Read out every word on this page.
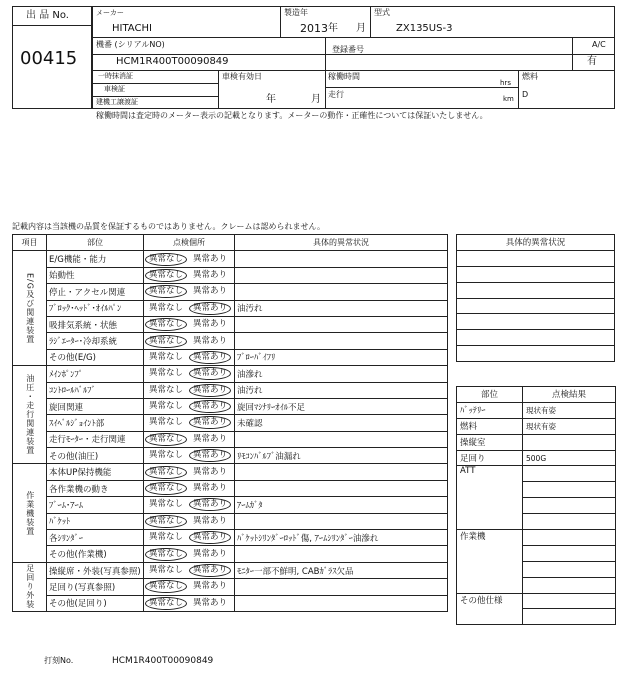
出 品 No.
00415
メーカー
HITACHI
製造年
2013 年 月
型式
ZX135US-3
機番 (シリアルNO)
HCM1R400T00090849
登録番号
A/C
有
一時抹消証
車検証
建機工譲渡証
車検有効日
年	月
稼働時間
走行
hrs
km
燃料
D
稼働時間は査定時のメーター表示の記載となります。メーターの動作・正確性については保証いたしません。
記載内容は当該機の品質を保証するものではありません。クレームは認められません。
項目	部位	点検個所	具体的異常状況
E/G及び関連装置	E/G機能・能力	異常なし 異常あり	
	始動性	異常なし 異常あり	
	停止・アクセル関連	異常なし 異常あり	
	ﾌﾞﾛｯｸ･ﾍｯﾄﾞ･ｵｲﾙﾊﾟﾝ	異常なし 異常あり	油汚れ
	吸排気系統・状態	異常なし 異常あり	
	ﾗｼﾞｴｰﾀｰ･冷却系統	異常なし 異常あり	
	その他(E/G)	異常なし 異常あり	ﾌﾞﾛｰﾊﾞｲﾌﾘ
油圧・走行関連装置	ﾒｲﾝﾎﾟﾝﾌﾟ	異常なし 異常あり	油滲れ
	ｺﾝﾄﾛｰﾙﾊﾞﾙﾌﾞ	異常なし 異常あり	油汚れ
	旋回関連	異常なし 異常あり	旋回ﾏｼﾅﾘｰｵｲﾙ不足
	ｽｲﾍﾞﾙｼﾞｮｲﾝﾄ部	異常なし 異常あり	未確認
	走行ﾓｰﾀｰ・走行関連	異常なし 異常あり	
	その他(油圧)	異常なし 異常あり	ﾘﾓｺﾝﾊﾞﾙﾌﾞ油漏れ
作業機装置	本体UP保持機能	異常なし 異常あり	
	各作業機の動き	異常なし 異常あり	
	ﾌﾞｰﾑ･ｱｰﾑ	異常なし 異常あり	ｱｰﾑｶﾞﾀ
	ﾊﾞｹｯﾄ	異常なし 異常あり	
	各ｼﾘﾝﾀﾞｰ	異常なし 異常あり	ﾊﾞｹｯﾄｼﾘﾝﾀﾞｰﾛｯﾄﾞ傷, ｱｰﾑｼﾘﾝﾀﾞｰ油滲れ
	その他(作業機)	異常なし 異常あり	
足回り外装	操縦席・外装(写真参照)	異常なし 異常あり	ﾓﾆﾀｰ一部不鮮明, CABｶﾞﾗｽ欠品
	足回り(写真参照)	異常なし 異常あり	
	その他(足回り)	異常なし 異常あり	
具体的異常状況

部位	点検結果
ﾊﾞｯﾃﾘｰ	現状有姿
燃料	現状有姿
操縦室	
足回り	500G
ATT	

作業機	

その他仕様	

打刻No.	HCM1R400T00090849
